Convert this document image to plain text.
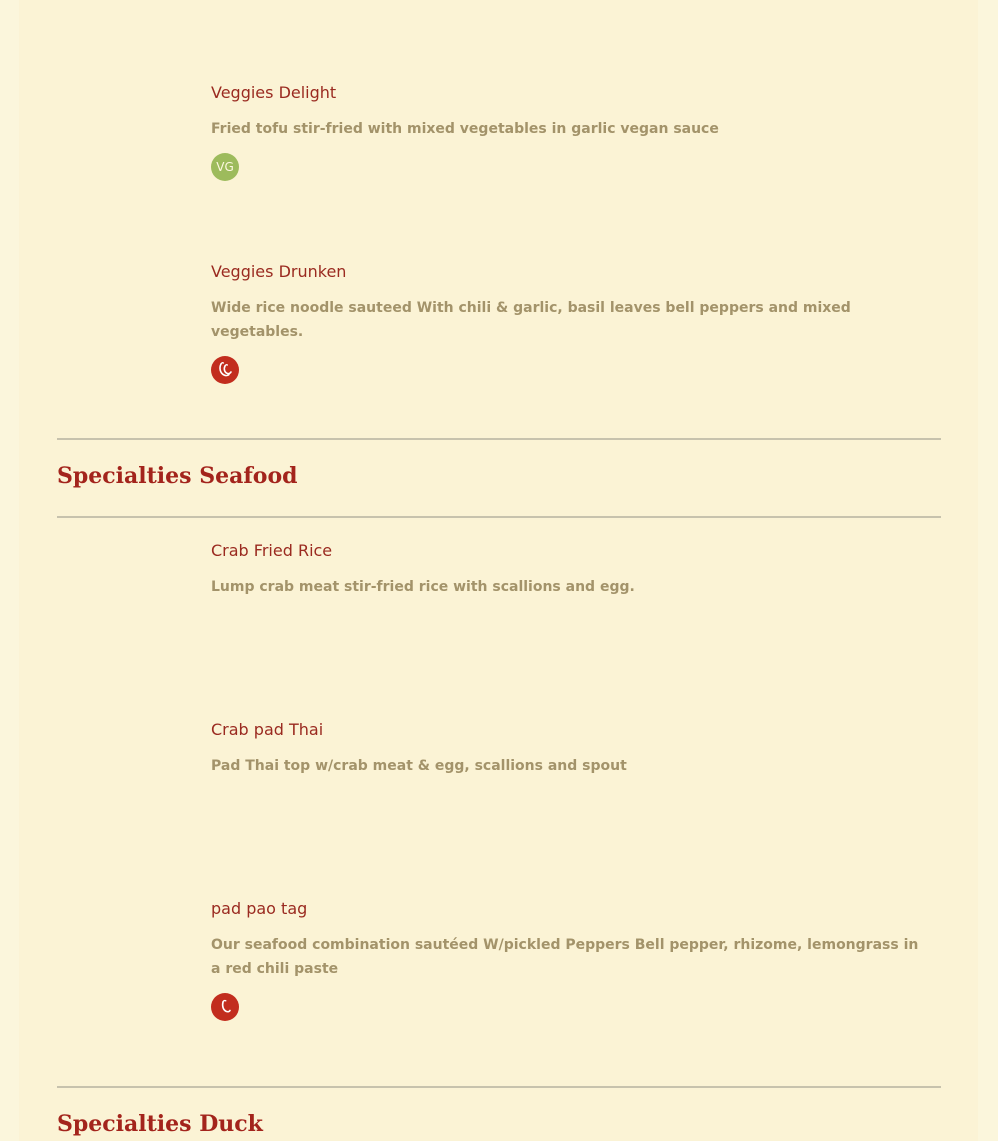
Veggies Delight
Fried tofu stir-fried with mixed vegetables in garlic vegan sauce
VG
Veggies Drunken
Wide rice noodle sauteed With chili & garlic, basil leaves bell peppers and mixed vegetables.
Specialties Seafood
Crab Fried Rice
Lump crab meat stir-fried rice with scallions and egg.
Crab pad Thai
Pad Thai top w/crab meat & egg, scallions and spout
pad pao tag
Our seafood combination sautéed W/pickled Peppers Bell pepper, rhizome, lemongrass in a red chili paste
Specialties Duck
